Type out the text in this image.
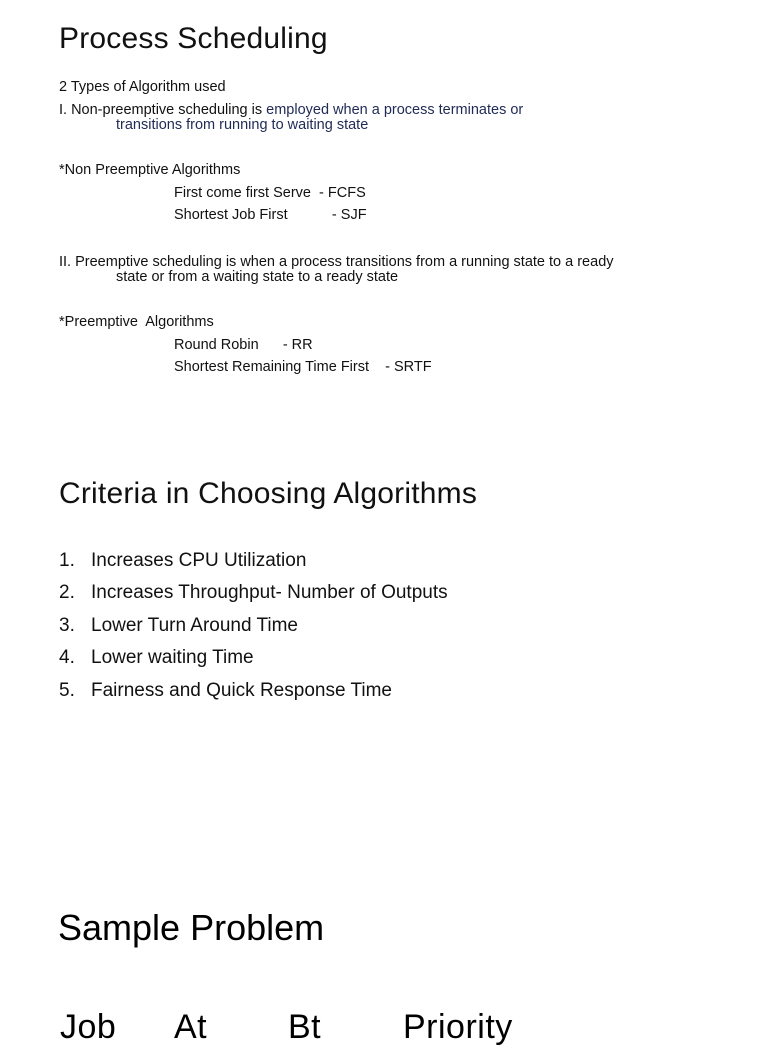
Process Scheduling
2 Types of Algorithm used
I. Non-preemptive scheduling is employed when a process terminates or
transitions from running to waiting state
*Non Preemptive Algorithms
First come first Serve  - FCFS
Shortest Job First           - SJF
II. Preemptive scheduling is when a process transitions from a running state to a ready
state or from a waiting state to a ready state
*Preemptive  Algorithms
Round Robin      - RR
Shortest Remaining Time First    - SRTF
Criteria in Choosing Algorithms
1. Increases CPU Utilization
2. Increases Throughput- Number of Outputs
3. Lower Turn Around Time
4. Lower waiting Time
5. Fairness and Quick Response Time
Sample Problem
Job At Bt Priority
